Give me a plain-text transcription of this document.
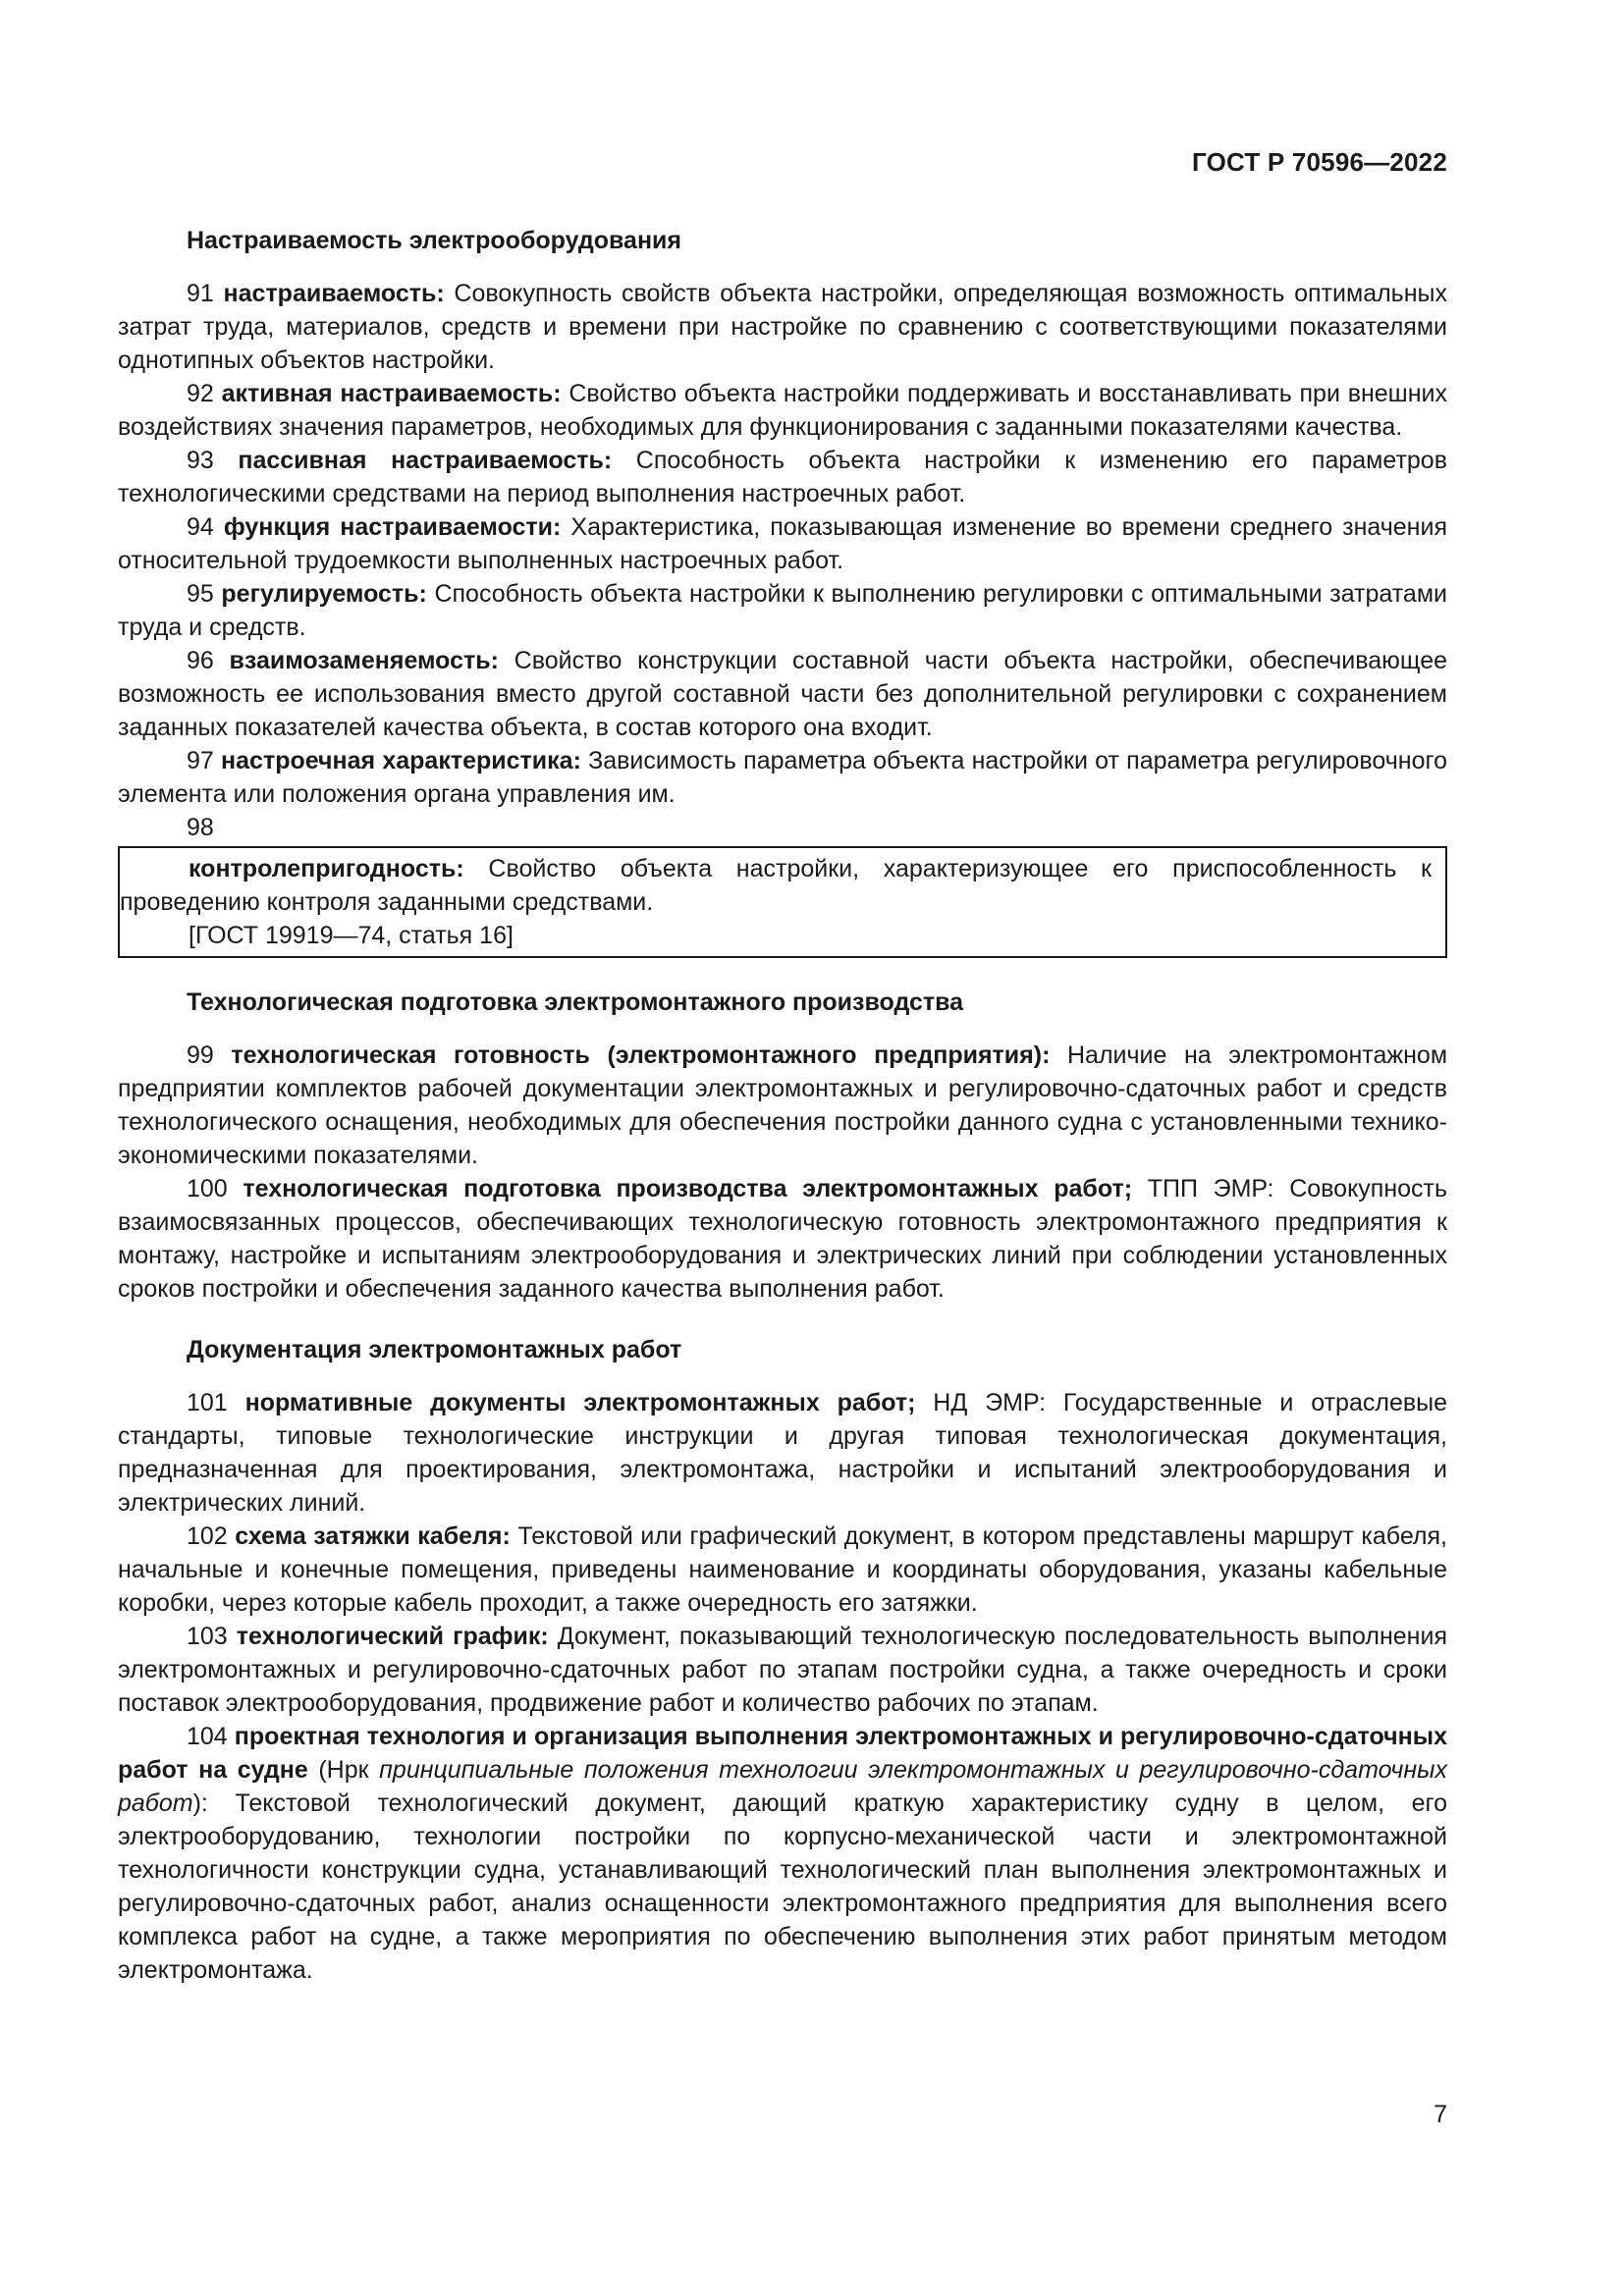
ГОСТ Р 70596—2022
Настраиваемость электрооборудования

91 настраиваемость: Совокупность свойств объекта настройки, определяющая возможность оптимальных затрат труда, материалов, средств и времени при настройке по сравнению с соответствующими показателями однотипных объектов настройки.

92 активная настраиваемость: Свойство объекта настройки поддерживать и восстанавливать при внешних воздействиях значения параметров, необходимых для функционирования с заданными показателями качества.

93 пассивная настраиваемость: Способность объекта настройки к изменению его параметров технологическими средствами на период выполнения настроечных работ.

94 функция настраиваемости: Характеристика, показывающая изменение во времени среднего значения относительной трудоемкости выполненных настроечных работ.

95 регулируемость: Способность объекта настройки к выполнению регулировки с оптимальными затратами труда и средств.

96 взаимозаменяемость: Свойство конструкции составной части объекта настройки, обеспечивающее возможность ее использования вместо другой составной части без дополнительной регулировки с сохранением заданных показателей качества объекта, в состав которого она входит.

97 настроечная характеристика: Зависимость параметра объекта настройки от параметра регулировочного элемента или положения органа управления им.

98

контролепригодность: Свойство объекта настройки, характеризующее его приспособленность к проведению контроля заданными средствами.

[ГОСТ 19919—74, статья 16]

Технологическая подготовка электромонтажного производства

99 технологическая готовность (электромонтажного предприятия): Наличие на электромонтажном предприятии комплектов рабочей документации электромонтажных и регулировочно-сдаточных работ и средств технологического оснащения, необходимых для обеспечения постройки данного судна с установленными технико-экономическими показателями.

100 технологическая подготовка производства электромонтажных работ; ТПП ЭМР: Совокупность взаимосвязанных процессов, обеспечивающих технологическую готовность электромонтажного предприятия к монтажу, настройке и испытаниям электрооборудования и электрических линий при соблюдении установленных сроков постройки и обеспечения заданного качества выполнения работ.

Документация электромонтажных работ

101 нормативные документы электромонтажных работ; НД ЭМР: Государственные и отраслевые стандарты, типовые технологические инструкции и другая типовая технологическая документация, предназначенная для проектирования, электромонтажа, настройки и испытаний электрооборудования и электрических линий.

102 схема затяжки кабеля: Текстовой или графический документ, в котором представлены маршрут кабеля, начальные и конечные помещения, приведены наименование и координаты оборудования, указаны кабельные коробки, через которые кабель проходит, а также очередность его затяжки.

103 технологический график: Документ, показывающий технологическую последовательность выполнения электромонтажных и регулировочно-сдаточных работ по этапам постройки судна, а также очередность и сроки поставок электрооборудования, продвижение работ и количество рабочих по этапам.

104 проектная технология и организация выполнения электромонтажных и регулировочно-сдаточных работ на судне (Нрк принципиальные положения технологии электромонтажных и регулировочно-сдаточных работ): Текстовой технологический документ, дающий краткую характеристику судну в целом, его электрооборудованию, технологии постройки по корпусно-механической части и электромонтажной технологичности конструкции судна, устанавливающий технологический план выполнения электромонтажных и регулировочно-сдаточных работ, анализ оснащенности электромонтажного предприятия для выполнения всего комплекса работ на судне, а также мероприятия по обеспечению выполнения этих работ принятым методом электромонтажа.

7
